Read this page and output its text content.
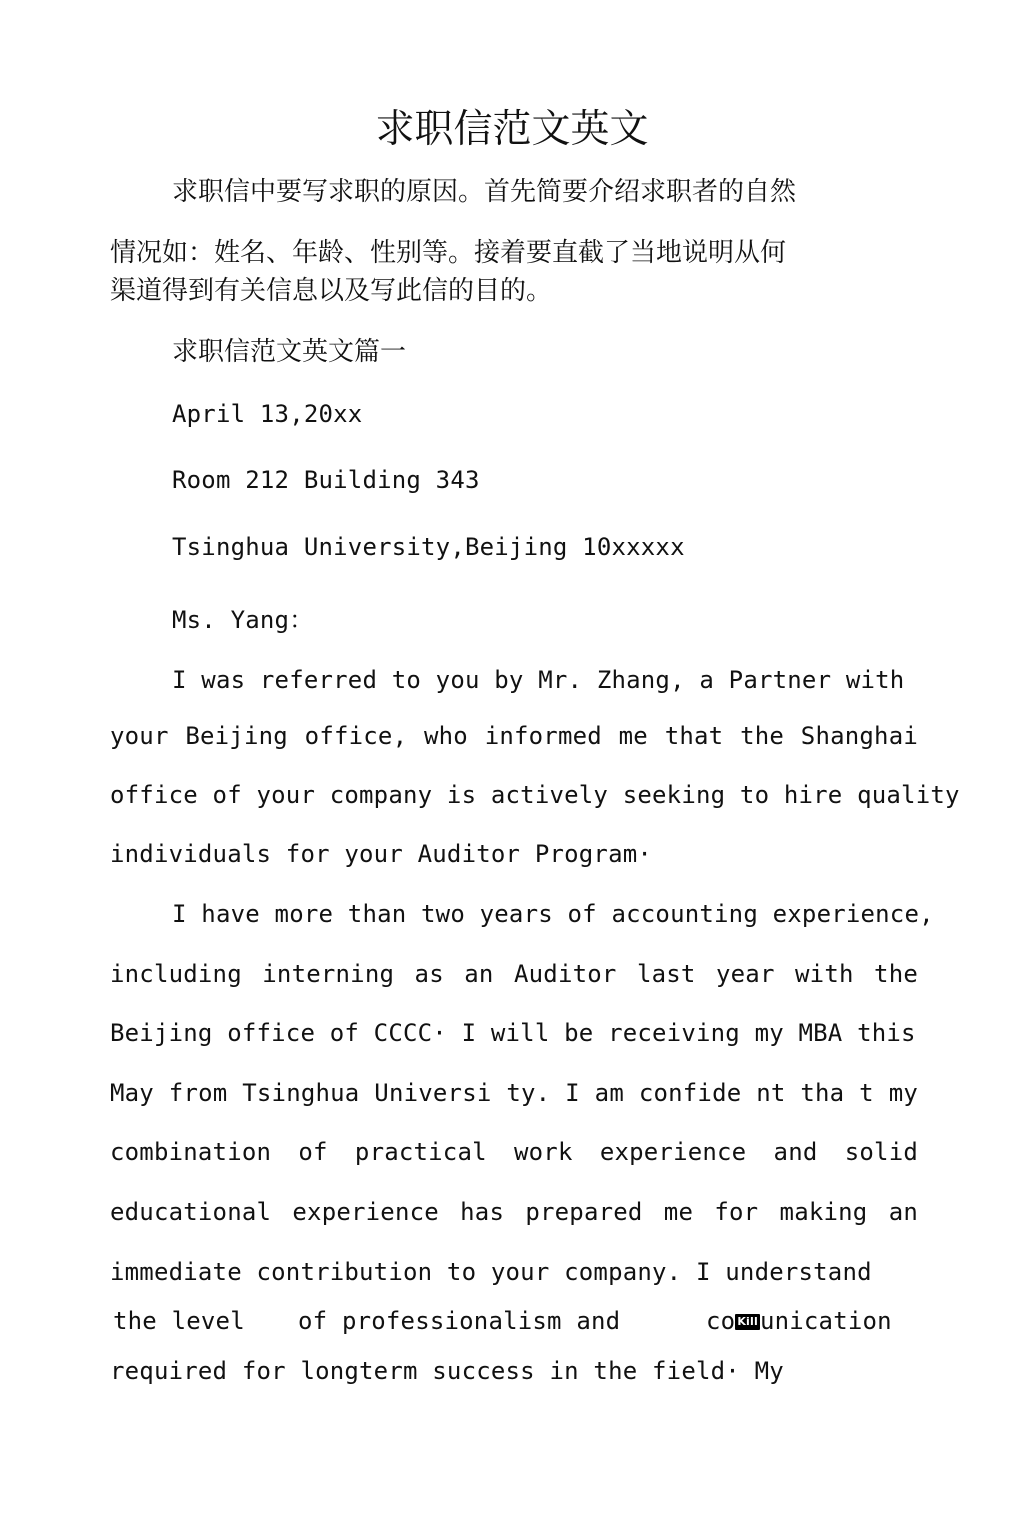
求职信范文英文
求职信中要写求职的原因。首先简要介绍求职者的自然
情况如：姓名、年龄、性别等。接着要直截了当地说明从何
渠道得到有关信息以及写此信的目的。
求职信范文英文篇一
April 13,20xx
Room 212 Building 343
Tsinghua University,Beijing 10xxxxx
Ms. Yang：
I was referred to you by Mr. Zhang, a Partner with
your Beijing office, who informed me that the Shanghai
office of your company is actively seeking to hire quality
individuals for your Auditor Program·
I have more than two years of accounting experience,
including interning as an Auditor last year with the
Beijing office of CCCC· I will be receiving my MBA this
May from Tsinghua Universi ty. I am confide nt tha t my
combination of practical work experience and solid
educational experience has prepared me for making an
immediate contribution to your company. I understand
the level of professionalism and	co Killunication
required for longterm success in the field· My
